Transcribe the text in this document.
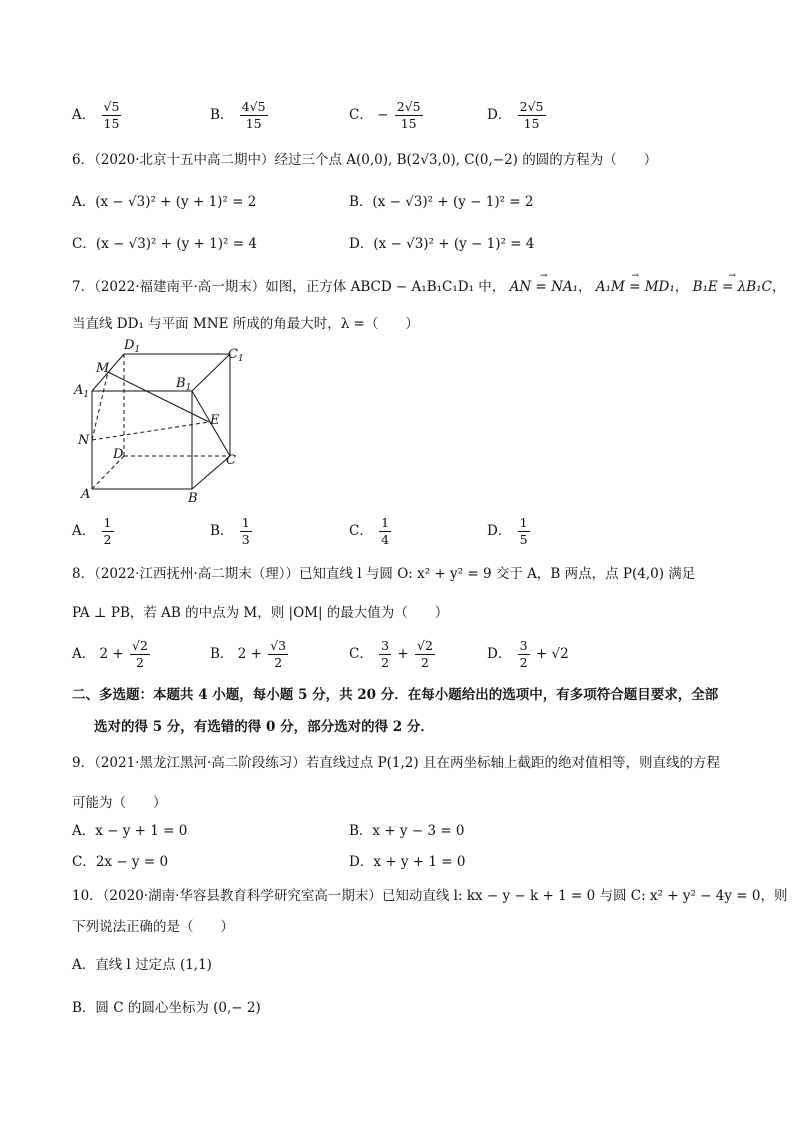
A． $\frac{√5}{15}$	B． $\frac{4√5}{15}$	C． − $\frac{2√5}{15}$	D． $\frac{2√5}{15}$
6．（2020·北京十五中高二期中）经过三个点 A(0,0), B(2√3,0), C(0,−2) 的圆的方程为（　　）
A．(x − √3)² + (y + 1)² = 2	B．(x − √3)² + (y − 1)² = 2
C．(x − √3)² + (y + 1)² = 4	D．(x − √3)² + (y − 1)² = 4
7．（2022·福建南平·高一期末）如图，正方体 ABCD − A₁B₁C₁D₁ 中， → AN = NA₁， → A₁M = MD₁， → B₁E = λB₁C，
当直线 DD₁ 与平面 MNE 所成的角最大时，λ =（　　）
$D_1$	$C_1$
M
$B_1$
$A_1$
E
N
D	C
A	B
A． $\frac{1}{2}$	B． $\frac{1}{3}$	C． $\frac{1}{4}$	D． $\frac{1}{5}$
8．（2022·江西抚州·高二期末（理））已知直线 l 与圆 O: x² + y² = 9 交于 A，B 两点，点 P(4,0) 满足
PA ⊥ PB，若 AB 的中点为 M，则 |OM| 的最大值为（　　）
A． $2 + \frac{√2}{2}$	B． $2 + \frac{√3}{2}$	C． $\frac{3}{2} + \frac{√2}{2}$	D． $\frac{3}{2} + √2$
二、多选题：本题共 4 小题，每小题 5 分，共 20 分．在每小题给出的选项中，有多项符合题目要求，全部
选对的得 5 分，有选错的得 0 分，部分选对的得 2 分．
9．（2021·黑龙江黑河·高二阶段练习）若直线过点 P(1,2) 且在两坐标轴上截距的绝对值相等，则直线的方程
可能为（　　）
A．x − y + 1 = 0	B．x + y − 3 = 0
C．2x − y = 0	D．x + y + 1 = 0
10．（2020·湖南·华容县教育科学研究室高一期末）已知动直线 l: kx − y − k + 1 = 0 与圆 C: x² + y² − 4y = 0，则
下列说法正确的是（　　）
A．直线 l 过定点 (1,1)
B．圆 C 的圆心坐标为 (0,− 2)
